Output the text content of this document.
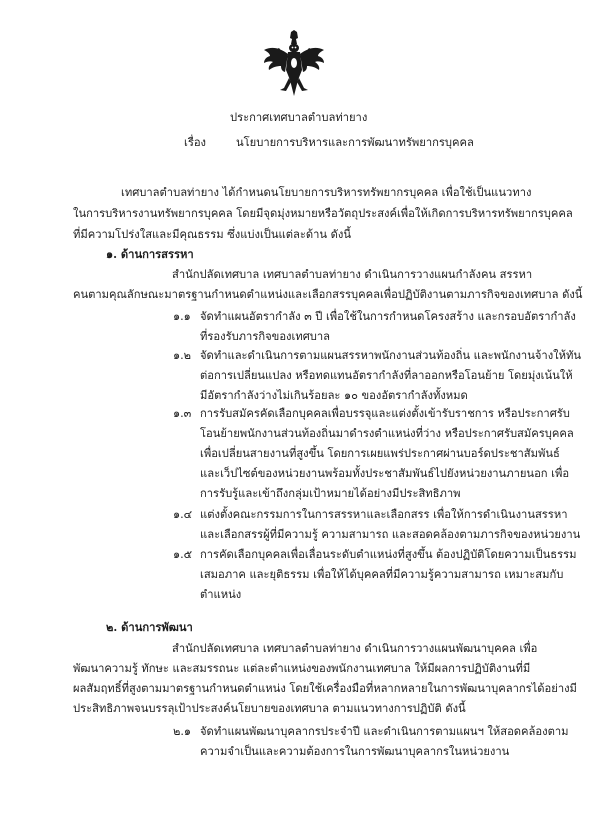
ประกาศเทศบาลตำบลท่ายาง
เรื่อง	นโยบายการบริหารและการพัฒนาทรัพยากรบุคคล
เทศบาลตำบลท่ายาง ได้กำหนดนโยบายการบริหารทรัพยากรบุคคล เพื่อใช้เป็นแนวทาง
ในการบริหารงานทรัพยากรบุคคล โดยมีจุดมุ่งหมายหรือวัตถุประสงค์เพื่อให้เกิดการบริหารทรัพยากรบุคคล
ที่มีความโปร่งใสและมีคุณธรรม ซึ่งแบ่งเป็นแต่ละด้าน ดังนี้
๑. ด้านการสรรหา
สำนักปลัดเทศบาล เทศบาลตำบลท่ายาง ดำเนินการวางแผนกำลังคน สรรหา
คนตามคุณลักษณะมาตรฐานกำหนดตำแหน่งและเลือกสรรบุคคลเพื่อปฏิบัติงานตามภารกิจของเทศบาล ดังนี้
๑.๑ จัดทำแผนอัตรากำลัง ๓ ปี เพื่อใช้ในการกำหนดโครงสร้าง และกรอบอัตรากำลัง
ที่รองรับภารกิจของเทศบาล
๑.๒ จัดทำและดำเนินการตามแผนสรรหาพนักงานส่วนท้องถิ่น และพนักงานจ้างให้ทัน
ต่อการเปลี่ยนแปลง หรือทดแทนอัตรากำลังที่ลาออกหรือโอนย้าย โดยมุ่งเน้นให้
มีอัตรากำลังว่างไม่เกินร้อยละ ๑๐ ของอัตรากำลังทั้งหมด
๑.๓ การรับสมัครคัดเลือกบุคคลเพื่อบรรจุและแต่งตั้งเข้ารับราชการ หรือประกาศรับ
โอนย้ายพนักงานส่วนท้องถิ่นมาดำรงตำแหน่งที่ว่าง หรือประกาศรับสมัครบุคคล
เพื่อเปลี่ยนสายงานที่สูงขึ้น โดยการเผยแพร่ประกาศผ่านบอร์ดประชาสัมพันธ์
และเว็ปไซต์ของหน่วยงานพร้อมทั้งประชาสัมพันธ์ไปยังหน่วยงานภายนอก เพื่อ
การรับรู้และเข้าถึงกลุ่มเป้าหมายได้อย่างมีประสิทธิภาพ
๑.๔ แต่งตั้งคณะกรรมการในการสรรหาและเลือกสรร เพื่อให้การดำเนินงานสรรหา
และเลือกสรรผู้ที่มีความรู้ ความสามารถ และสอดคล้องตามภารกิจของหน่วยงาน
๑.๕ การคัดเลือกบุคคลเพื่อเลื่อนระดับตำแหน่งที่สูงขึ้น ต้องปฏิบัติโดยความเป็นธรรม
เสมอภาค และยุติธรรม เพื่อให้ได้บุคคลที่มีความรู้ความสามารถ เหมาะสมกับ
ตำแหน่ง
๒. ด้านการพัฒนา
สำนักปลัดเทศบาล เทศบาลตำบลท่ายาง ดำเนินการวางแผนพัฒนาบุคคล เพื่อ
พัฒนาความรู้ ทักษะ และสมรรถนะ แต่ละตำแหน่งของพนักงานเทศบาล ให้มีผลการปฏิบัติงานที่มี
ผลสัมฤทธิ์ที่สูงตามมาตรฐานกำหนดตำแหน่ง โดยใช้เครื่องมือที่หลากหลายในการพัฒนาบุคลากรได้อย่างมี
ประสิทธิภาพจนบรรลุเป้าประสงค์นโยบายของเทศบาล ตามแนวทางการปฏิบัติ ดังนี้
๒.๑ จัดทำแผนพัฒนาบุคลากรประจำปี และดำเนินการตามแผนฯ ให้สอดคล้องตาม
ความจำเป็นและความต้องการในการพัฒนาบุคลากรในหน่วยงาน
